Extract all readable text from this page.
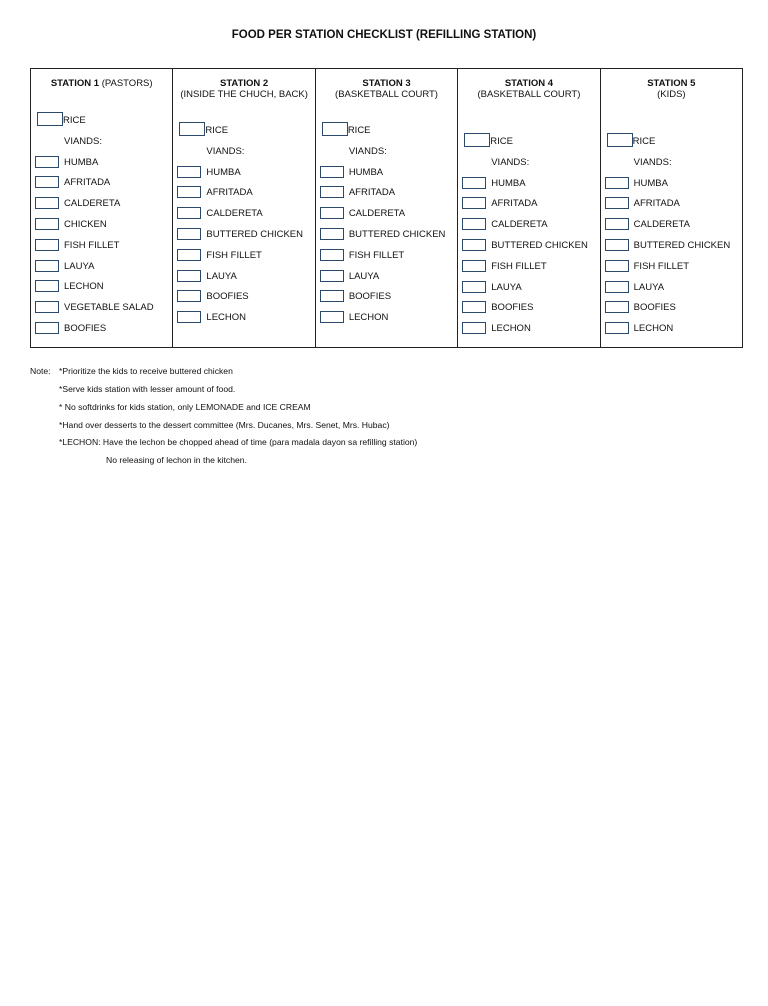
FOOD PER STATION CHECKLIST (REFILLING STATION)
STATION 1 (PASTORS)
RICE
VIANDS:
HUMBA
AFRITADA
CALDERETA
CHICKEN
FISH FILLET
LAUYA
LECHON
VEGETABLE SALAD
BOOFIES
STATION 2
(INSIDE THE CHUCH, BACK)
RICE
VIANDS:
HUMBA
AFRITADA
CALDERETA
BUTTERED CHICKEN
FISH FILLET
LAUYA
BOOFIES
LECHON
STATION 3
(BASKETBALL COURT)
RICE
VIANDS:
HUMBA
AFRITADA
CALDERETA
BUTTERED CHICKEN
FISH FILLET
LAUYA
BOOFIES
LECHON
STATION 4
(BASKETBALL COURT)
RICE
VIANDS:
HUMBA
AFRITADA
CALDERETA
BUTTERED CHICKEN
FISH FILLET
LAUYA
BOOFIES
LECHON
STATION 5
(KIDS)
RICE
VIANDS:
HUMBA
AFRITADA
CALDERETA
BUTTERED CHICKEN
FISH FILLET
LAUYA
BOOFIES
LECHON
Note: *Prioritize the kids to receive buttered chicken
*Serve kids station with lesser amount of food.
* No softdrinks for kids station, only LEMONADE and ICE CREAM
*Hand over desserts to the dessert committee (Mrs. Ducanes, Mrs. Senet, Mrs. Hubac)
*LECHON: Have the lechon be chopped ahead of time (para madala dayon sa refilling station)
No releasing of lechon in the kitchen.
